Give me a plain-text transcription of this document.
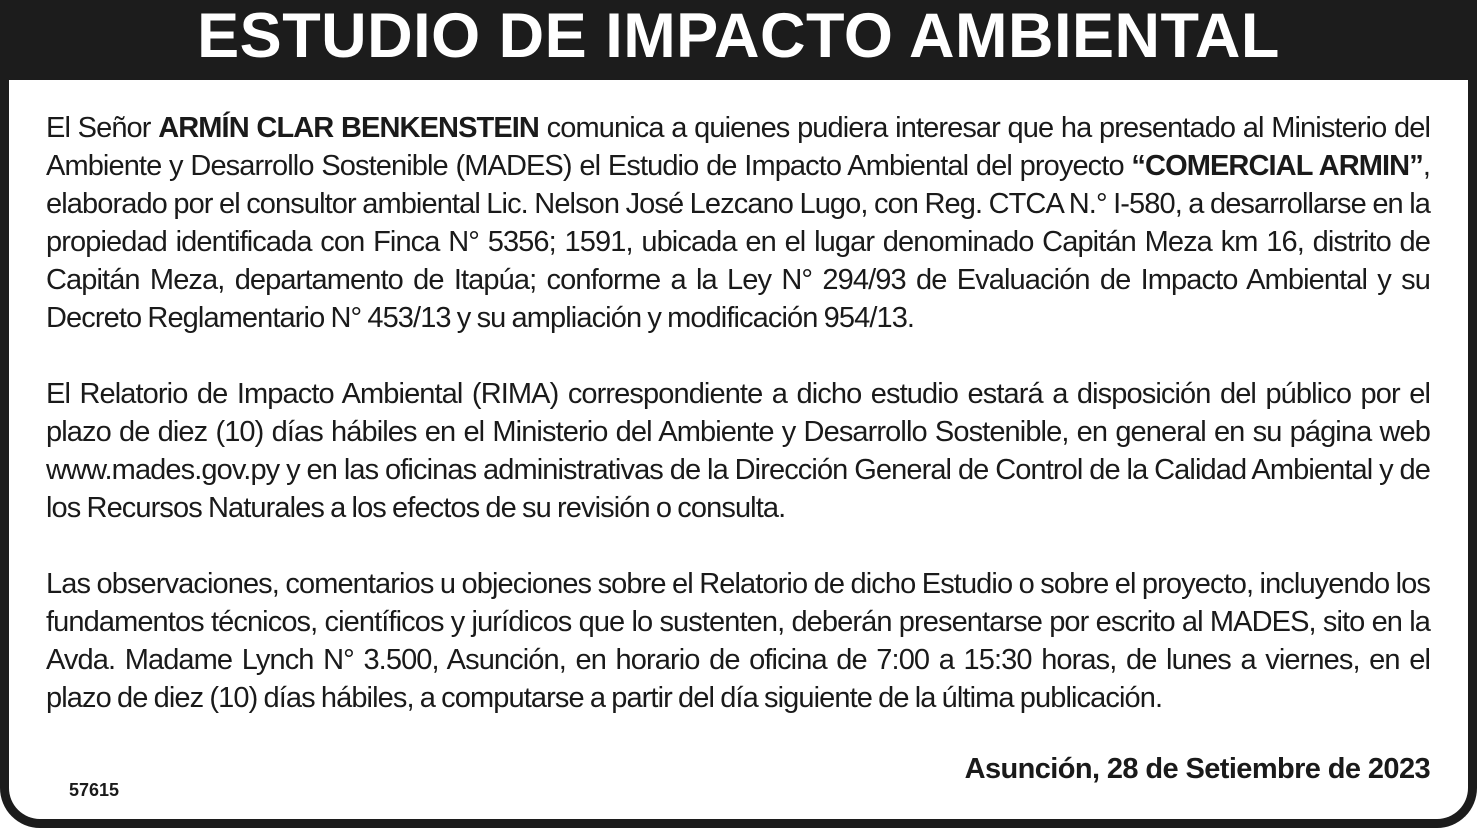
ESTUDIO DE IMPACTO AMBIENTAL

El Señor ARMÍN CLAR BENKENSTEIN comunica a quienes pudiera interesar que ha presentado al Ministerio del Ambiente y Desarrollo Sostenible (MADES) el Estudio de Impacto Ambiental del proyecto “COMERCIAL ARMIN”, elaborado por el consultor ambiental Lic. Nelson José Lezcano Lugo, con Reg. CTCA N.° I-580, a desarrollarse en la propiedad identificada con Finca N° 5356; 1591, ubicada en el lugar denominado Capitán Meza km 16, distrito de Capitán Meza, departamento de Itapúa; conforme a la Ley N° 294/93 de Evaluación de Impacto Ambiental y su Decreto Reglamentario N° 453/13 y su ampliación y modificación 954/13.

El Relatorio de Impacto Ambiental (RIMA) correspondiente a dicho estudio estará a disposición del público por el plazo de diez (10) días hábiles en el Ministerio del Ambiente y Desarrollo Sostenible, en general en su página web www.mades.gov.py y en las oficinas administrativas de la Dirección General de Control de la Calidad Ambiental y de los Recursos Naturales a los efectos de su revisión o consulta.

Las observaciones, comentarios u objeciones sobre el Relatorio de dicho Estudio o sobre el proyecto, incluyendo los fundamentos técnicos, científicos y jurídicos que lo sustenten, deberán presentarse por escrito al MADES, sito en la Avda. Madame Lynch N° 3.500, Asunción, en horario de oficina de 7:00 a 15:30 horas, de lunes a viernes, en el plazo de diez (10) días hábiles, a computarse a partir del día siguiente de la última publicación.

Asunción, 28 de Setiembre de 2023
57615
